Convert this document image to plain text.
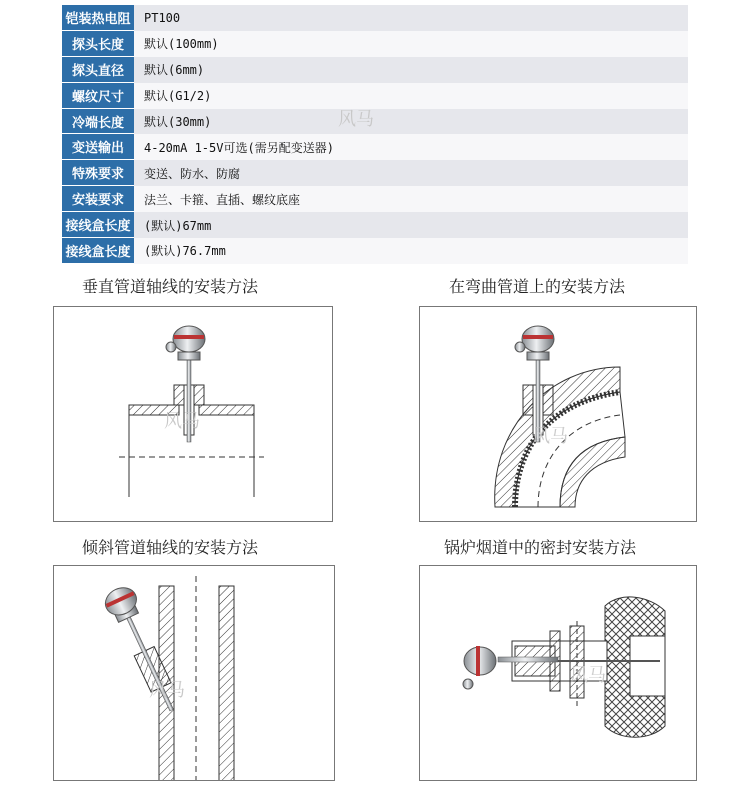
铠装热电阻	PT100
探头长度	默认(100mm)
探头直径	默认(6mm)
螺纹尺寸	默认(G1/2)
冷端长度	默认(30mm)
变送输出	4-20mA 1-5V可选(需另配变送器)
特殊要求	变送、防水、防腐
安装要求	法兰、卡箍、直插、螺纹底座
接线盒长度	(默认)67mm
接线盒长度	(默认)76.7mm
风马
垂直管道轴线的安装方法	在弯曲管道上的安装方法
倾斜管道轴线的安装方法	锅炉烟道中的密封安装方法
风马
风马
风马
风马
